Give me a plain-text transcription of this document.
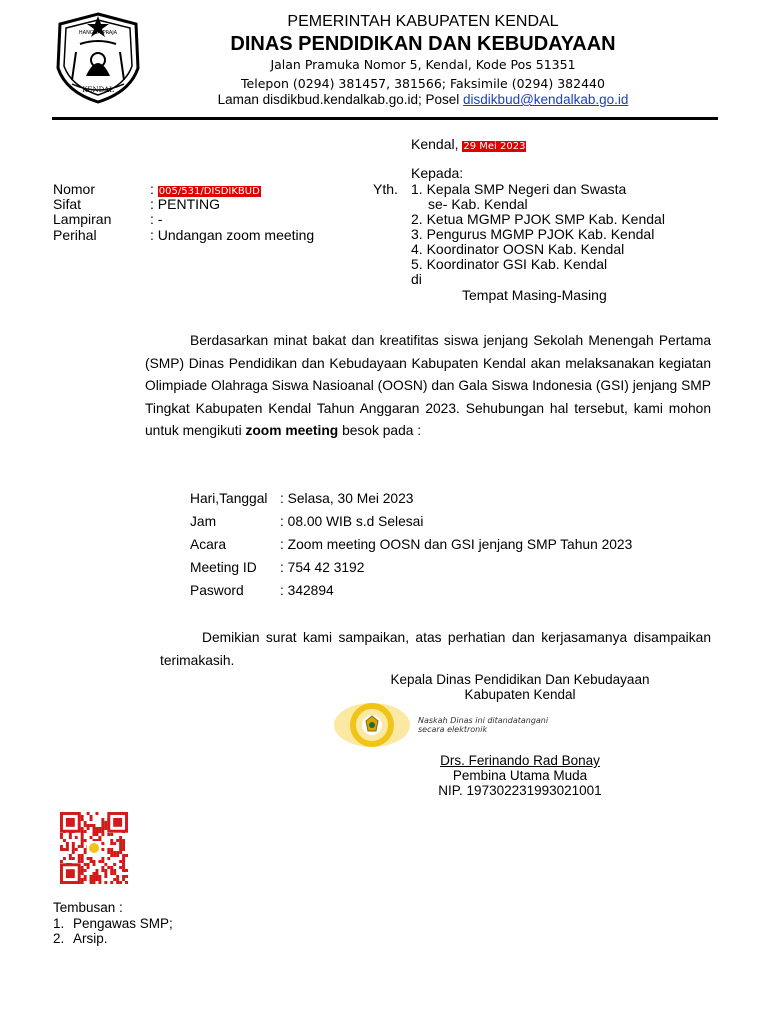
HANGGA PRAJA
KENDAL
PEMERINTAH KABUPATEN KENDAL
DINAS PENDIDIKAN DAN KEBUDAYAAN
Jalan Pramuka Nomor 5, Kendal, Kode Pos 51351
Telepon (0294) 381457, 381566; Faksimile (0294) 382440
Laman disdikbud.kendalkab.go.id; Posel disdikbud@kendalkab.go.id
Kendal, 29 Mei 2023
Kepada:
Yth. 1. Kepala SMP Negeri dan Swasta
se- Kab. Kendal
2. Ketua MGMP PJOK SMP Kab. Kendal
3. Pengurus MGMP PJOK Kab. Kendal
4. Koordinator OOSN Kab. Kendal
5. Koordinator GSI Kab. Kendal
di
Tempat Masing-Masing
Nomor	: 005/531/DISDIKBUD
Sifat	: PENTING
Lampiran	: -
Perihal	: Undangan zoom meeting
Berdasarkan minat bakat dan kreatifitas siswa jenjang Sekolah Menengah Pertama (SMP) Dinas Pendidikan dan Kebudayaan Kabupaten Kendal akan melaksanakan kegiatan Olimpiade Olahraga Siswa Nasioanal (OOSN) dan Gala Siswa Indonesia (GSI) jenjang SMP Tingkat Kabupaten Kendal Tahun Anggaran 2023. Sehubungan hal tersebut, kami mohon untuk mengikuti zoom meeting besok pada :
Hari,Tanggal : Selasa, 30 Mei 2023
Jam	: 08.00 WIB s.d Selesai
Acara	: Zoom meeting OOSN dan GSI jenjang SMP Tahun 2023
Meeting ID	: 754 42 3192
Pasword	: 342894
Demikian surat kami sampaikan, atas perhatian dan kerjasamanya disampaikan terimakasih.
Kepala Dinas Pendidikan Dan Kebudayaan
Kabupaten Kendal
Naskah Dinas ini ditandatangani
secara elektronik
Drs. Ferinando Rad Bonay
Pembina Utama Muda
NIP. 197302231993021001
Tembusan :
1. Pengawas SMP;
2. Arsip.
